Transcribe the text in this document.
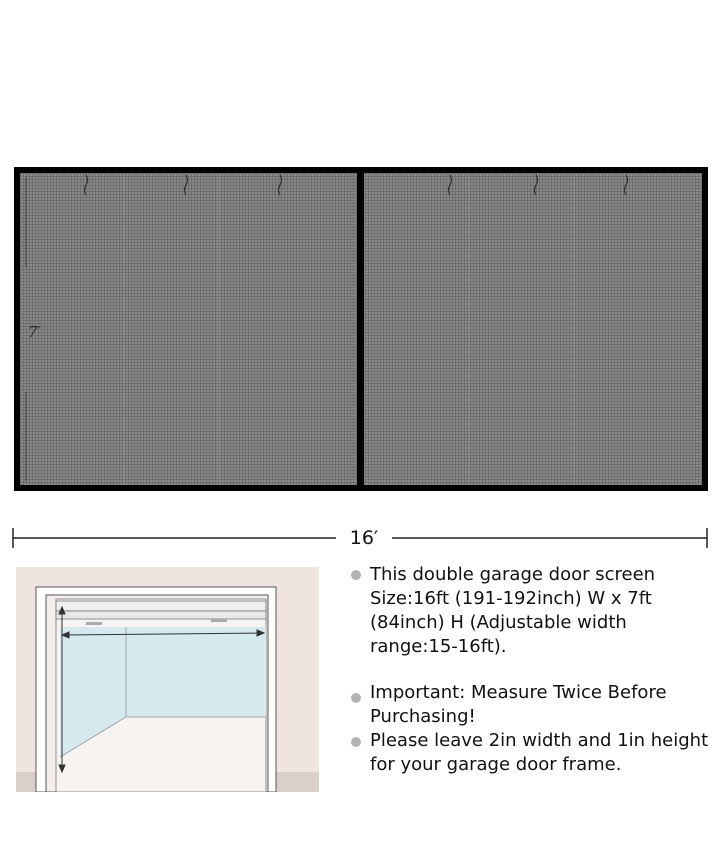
7′
16′
This double garage door screen Size:16ft (191-192inch) W x 7ft (84inch) H (Adjustable width range:15-16ft).
Important: Measure Twice Before Purchasing!
Please leave 2in width and 1in height for your garage door frame.
